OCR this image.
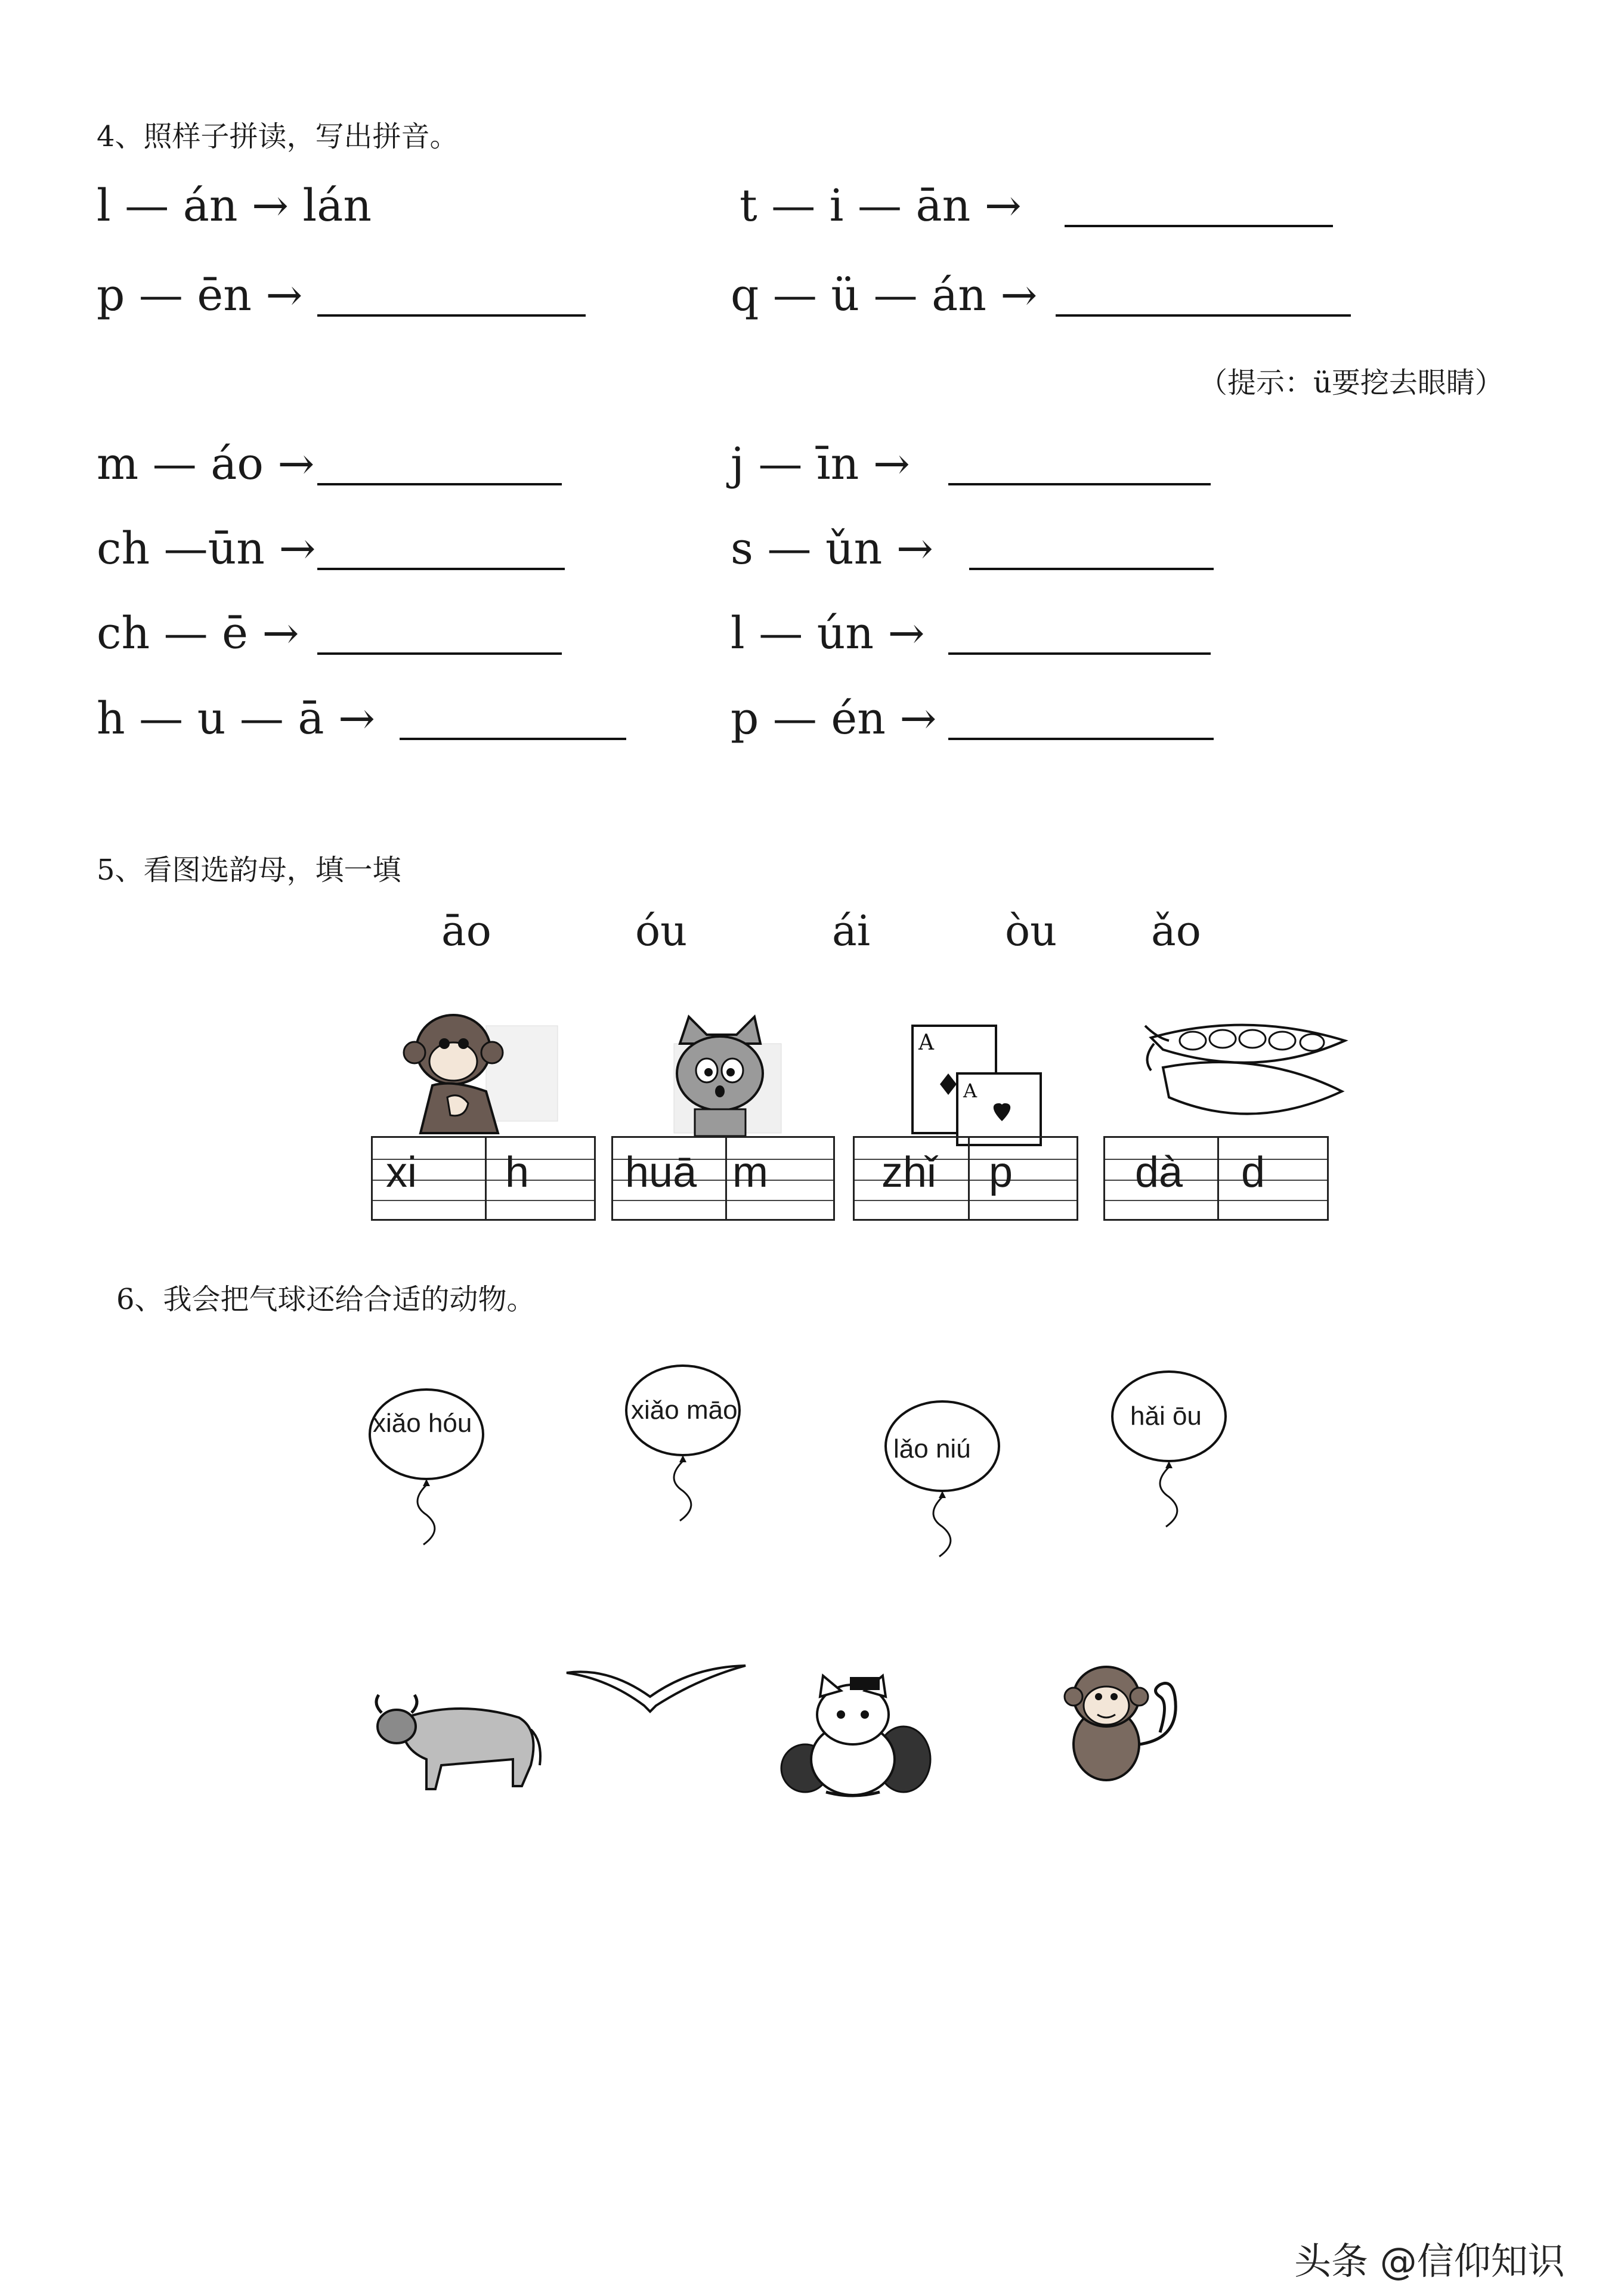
4、照样子拼读，写出拼音。
l — án → lán	t — i — ān →
p — ēn →	q — ü — án →
（提示：ü要挖去眼睛）
m — áo →	j — īn →
ch —ūn →	s — ǔn →
ch — ē →	l — ún →
h — u — ā →	p — én →
5、看图选韵母，填一填
āo	óu	ái	òu ǎo
A
A
xi h huā m	zhǐ p	dà d
6、我会把气球还给合适的动物。
xiǎo hóu	xiǎo māo
lǎo niú
hǎi ōu
头条 @信仰知识
